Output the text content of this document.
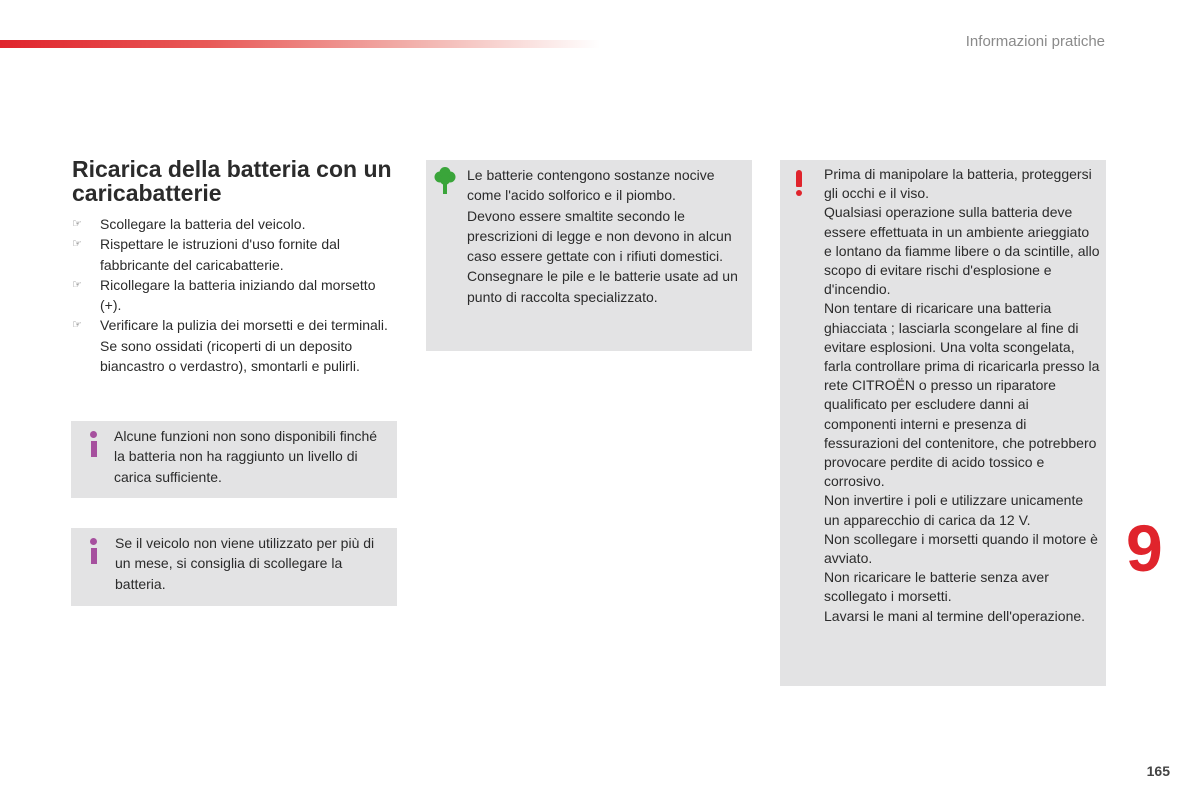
Informazioni pratiche
Ricarica della batteria con un caricabatterie
☞ Scollegare la batteria del veicolo.
☞ Rispettare le istruzioni d'uso fornite dal fabbricante del caricabatterie.
☞ Ricollegare la batteria iniziando dal morsetto (+).
☞ Verificare la pulizia dei morsetti e dei terminali. Se sono ossidati (ricoperti di un deposito biancastro o verdastro), smontarli e pulirli.
Alcune funzioni non sono disponibili finché la batteria non ha raggiunto un livello di carica sufficiente.
Se il veicolo non viene utilizzato per più di un mese, si consiglia di scollegare la batteria.
Le batterie contengono sostanze nocive come l'acido solforico e il piombo.
Devono essere smaltite secondo le prescrizioni di legge e non devono in alcun caso essere gettate con i rifiuti domestici.
Consegnare le pile e le batterie usate ad un punto di raccolta specializzato.
Prima di manipolare la batteria, proteggersi gli occhi e il viso.
Qualsiasi operazione sulla batteria deve essere effettuata in un ambiente arieggiato e lontano da fiamme libere o da scintille, allo scopo di evitare rischi d'esplosione e d'incendio.
Non tentare di ricaricare una batteria ghiacciata ; lasciarla scongelare al fine di evitare esplosioni. Una volta scongelata, farla controllare prima di ricaricarla presso la rete CITROËN o presso un riparatore qualificato per escludere danni ai componenti interni e presenza di fessurazioni del contenitore, che potrebbero provocare perdite di acido tossico e corrosivo.
Non invertire i poli e utilizzare unicamente un apparecchio di carica da 12 V.
Non scollegare i morsetti quando il motore è avviato.
Non ricaricare le batterie senza aver scollegato i morsetti.
Lavarsi le mani al termine dell'operazione.
9
165
